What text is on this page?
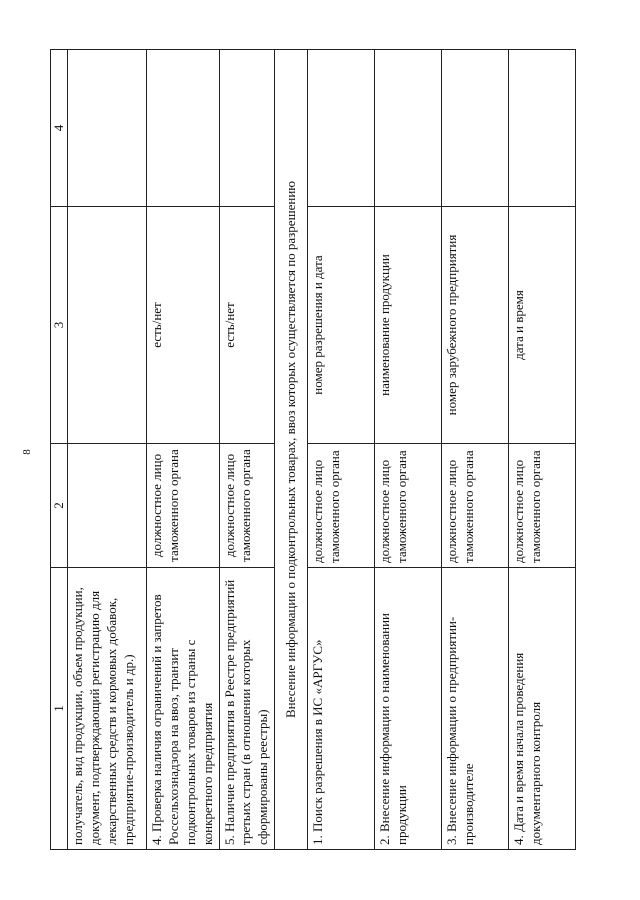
8
1	2	3	4
получатель, вид продукции, объем продукции, документ, подтверждающий регистрацию для лекарственных средств и кормовых добавок, предприятие-производитель и др.)			
4. Проверка наличия ограничений и запретов Россельхознадзора на ввоз, транзит подконтрольных товаров из страны с конкретного предприятия	должностное лицо таможенного органа	есть/нет	
5. Наличие предприятия в Реестре предприятий третьих стран (в отношении которых сформированы реестры)	должностное лицо таможенного органа	есть/нет	
Внесение информации о подконтрольных товарах, ввоз которых осуществляется по разрешению			
1. Поиск разрешения в ИС «АРГУС»	должностное лицо таможенного органа	номер разрешения и дата	
2. Внесение информации о наименовании продукции	должностное лицо таможенного органа	наименование продукции	
3. Внесение информации о предприятии-производителе	должностное лицо таможенного органа	номер зарубежного предприятия	
4. Дата и время начала проведения документарного контроля	должностное лицо таможенного органа	дата и время	
